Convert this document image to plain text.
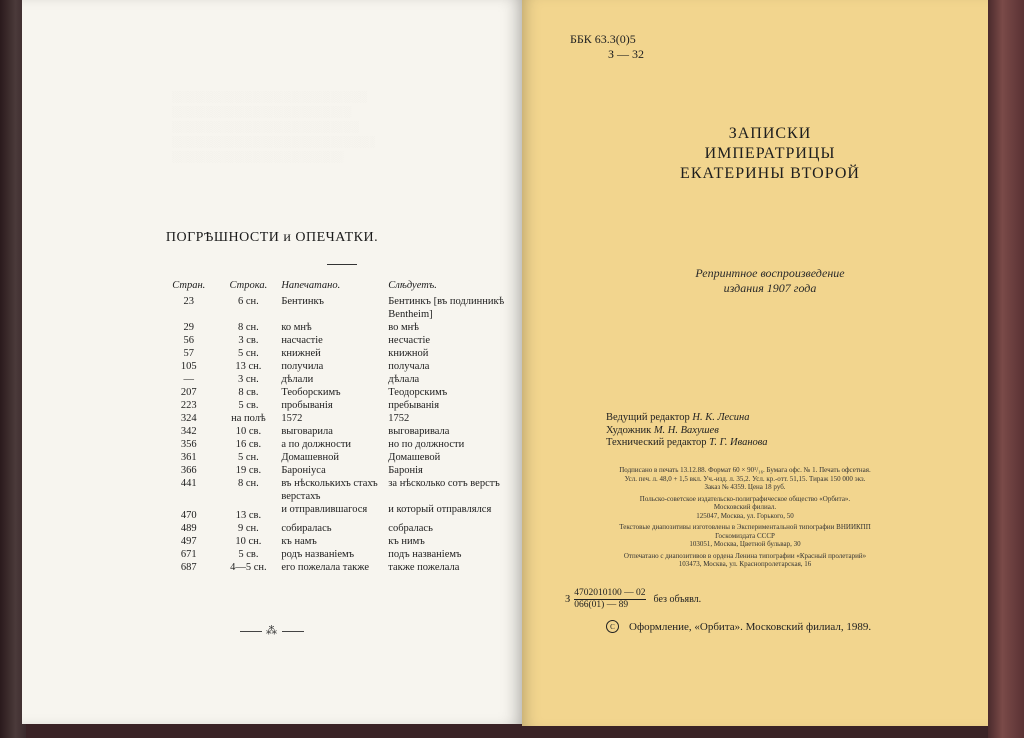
░░░░░░░░░░░░░░░░░░░░░░░░░
░░░░░░░░░░░░░░░░░░░░░░░
░░░░░░░░░░░░░░░░░░░░░░░░
░░░░░░░░░░░░░░░░░░░░░░░░░░
░░░░░░░░░░░░░░░░░░░░░░
ПОГРѢШНОСТИ и ОПЕЧАТКИ.
Стран.	Строка.	Напечатано.	Слѣдуетъ.
23	6 сн.	Бентинкъ	Бентинкъ [въ подлинникѣ Bentheim]
29	8 сн.	ко мнѣ	во мнѣ
56	3 св.	насчастіе	несчастіе
57	5 сн.	книжней	книжной
105	13 сн.	получила	получала
—	3 сн.	дѣлали	дѣлала
207	8 св.	Теоборскимъ	Теодорскимъ
223	5 св.	пробыванія	пребыванія
324	на полѣ	1572	1752
342	10 св.	выговарила	выговаривала
356	16 св.	а по должности	но по должности
361	5 сн.	Домашевной	Домашевой
366	19 св.	Бароніуса	Баронія
441	8 сн.	въ нѣсколькихъ стахъ верстахъ	за нѣсколько сотъ верстъ
470	13 св.	и отправлившагося	и который отправлялся
489	9 сн.	собиралась	собралась
497	10 сн.	къ намъ	къ нимъ
671	5 св.	родъ названіемъ	подъ названіемъ
687	4—5 сн.	его пожелала также	также пожелала
⁂
ББК 63.3(0)5
З — 32
ЗАПИСКИ
ИМПЕРАТРИЦЫ
ЕКАТЕРИНЫ ВТОРОЙ
Репринтное воспроизведение
издания 1907 года
Ведущий редактор Н. К. Лесина
Художник М. Н. Вахушев
Технический редактор Т. Г. Иванова

Подписано в печать 13.12.88. Формат 60 × 90¹/₁₆. Бумага офс. № 1. Печать офсетная.
Усл. печ. л. 48,0 + 1,5 вкл. Уч.-изд. л. 35,2. Усл. кр.-отт. 51,15. Тираж 150 000 экз.
Заказ № 4359. Цена 18 руб.

Польско-советское издательско-полиграфическое общество «Орбита».
Московский филиал.
125047, Москва, ул. Горького, 50

Текстовые диапозитивы изготовлены в Экспериментальной типографии ВНИИКПП
Госкомиздата СССР
103051, Москва, Цветной бульвар, 30

Отпечатано с диапозитивов в ордена Ленина типографии «Красный пролетарий»
103473, Москва, ул. Краснопролетарская, 16

З $\frac{4702010100 — 02}{066(01) — 89}$ без объявл.
C	Оформление, «Орбита». Московский филиал, 1989.
